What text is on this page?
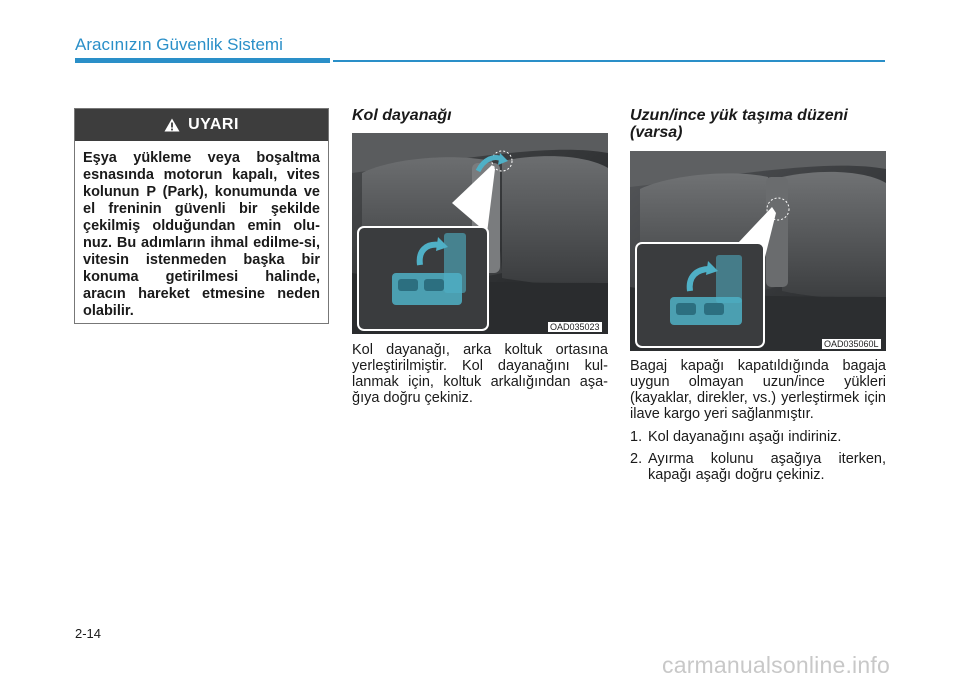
Aracınızın Güvenlik Sistemi
UYARI
Eşya yükleme veya boşaltma esnasında motorun kapalı, vites kolunun P (Park), konumunda ve el freninin güvenli bir şekilde çekilmiş olduğundan emin olu-nuz. Bu adımların ihmal edilme-si, vitesin istenmeden başka bir konuma getirilmesi halinde, aracın hareket etmesine neden olabilir.
Kol dayanağı
OAD035023

Kol dayanağı, arka koltuk ortasına yerleştirilmiştir. Kol dayanağını kul-lanmak için, koltuk arkalığından aşa-ğıya doğru çekiniz.

Uzun/ince yük taşıma düzeni
(varsa)
OAD035060L

Bagaj kapağı kapatıldığında bagaja uygun olmayan uzun/ince yükleri (kayaklar, direkler, vs.) yerleştirmek için ilave kargo yeri sağlanmıştır.

1. Kol dayanağını aşağı indiriniz.
2. Ayırma kolunu aşağıya iterken, kapağı aşağı doğru çekiniz.
2-14
carmanualsonline.info
